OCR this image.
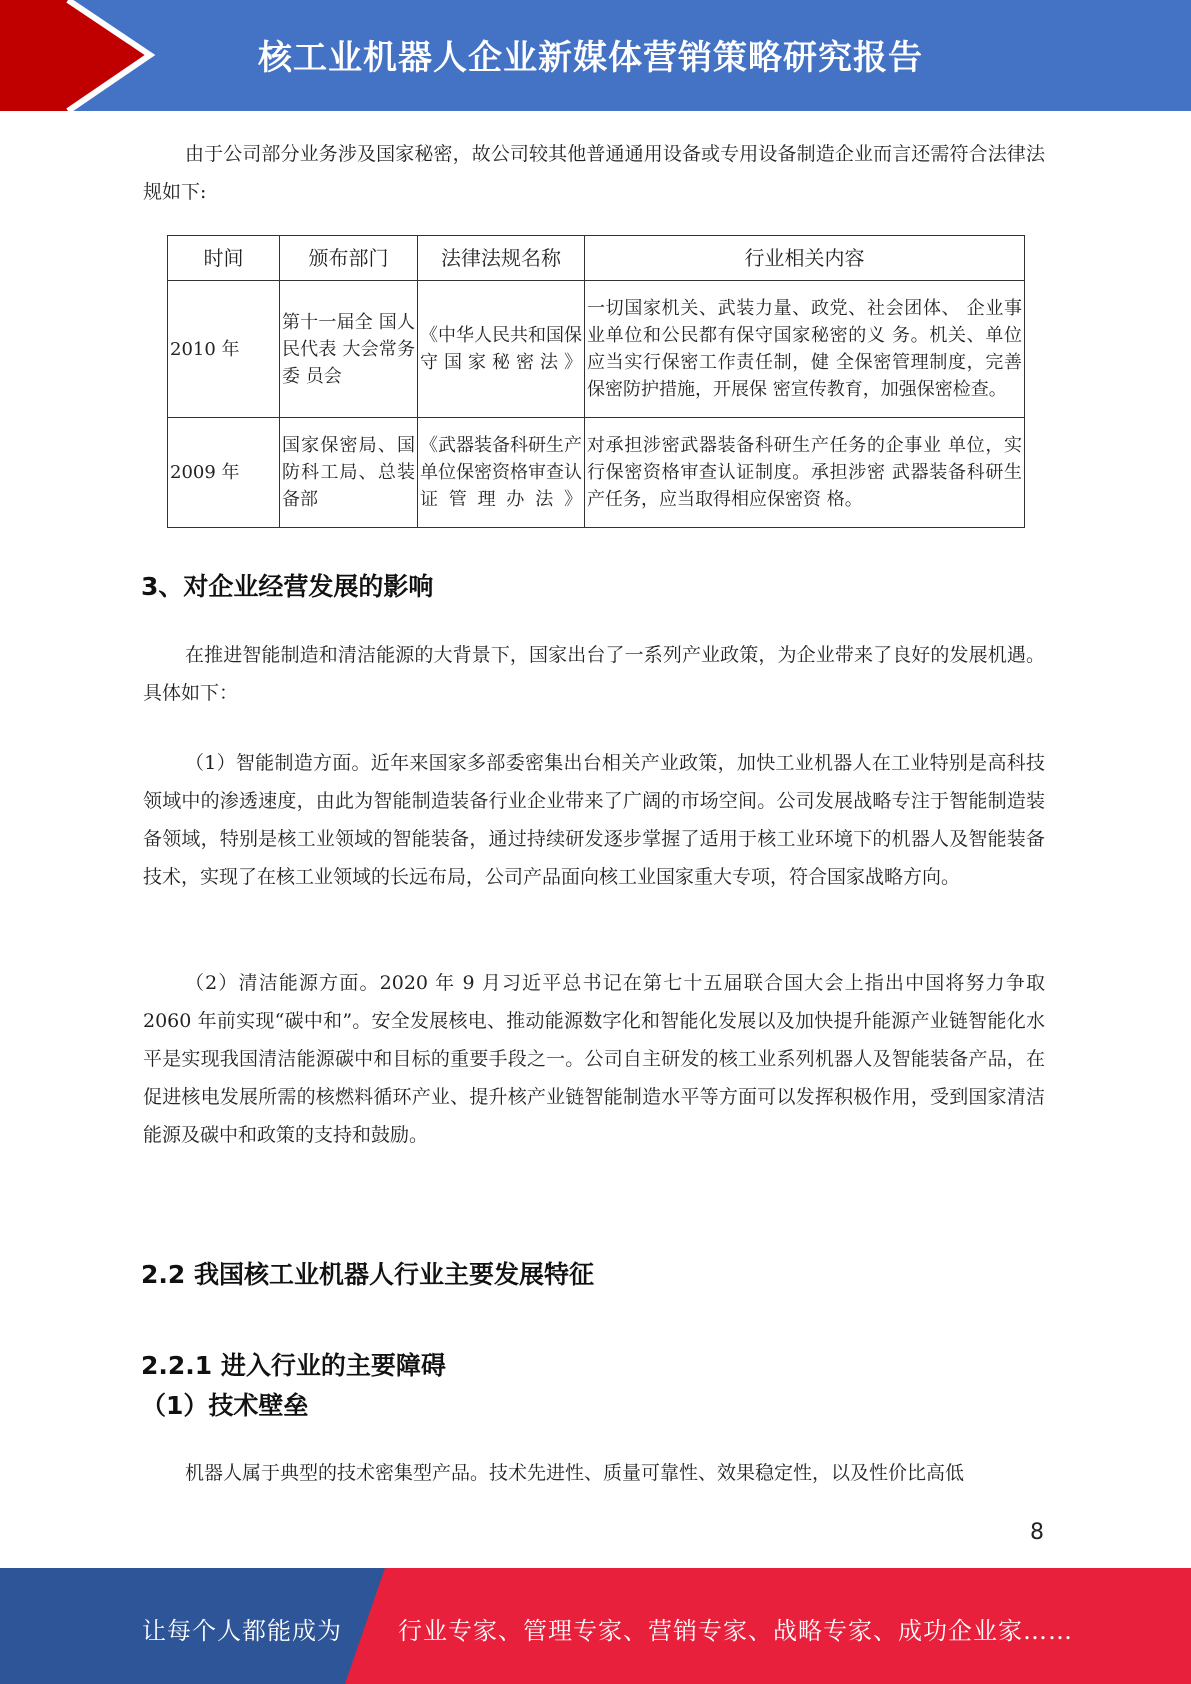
核工业机器人企业新媒体营销策略研究报告

由于公司部分业务涉及国家秘密，故公司较其他普通通用设备或专用设备制造企业而言还需符合法律法规如下:

时间	颁布部门	法律法规名称	行业相关内容
2010 年	第十一届全 国人民代表 大会常务委 员会	《中华人民共和国保守国家秘密法》	一切国家机关、武装力量、政党、社会团体、 企业事业单位和公民都有保守国家秘密的义 务。机关、单位应当实行保密工作责任制，健 全保密管理制度，完善保密防护措施，开展保 密宣传教育，加强保密检查。
2009 年	国家保密局、国防科工局、总装备部	《武器装备科研生产单位保密资格审查认证管理办法》	对承担涉密武器装备科研生产任务的企事业 单位，实行保密资格审查认证制度。承担涉密 武器装备科研生产任务，应当取得相应保密资 格。
3、对企业经营发展的影响

在推进智能制造和清洁能源的大背景下，国家出台了一系列产业政策，为企业带来了良好的发展机遇。具体如下：

（1）智能制造方面。近年来国家多部委密集出台相关产业政策，加快工业机器人在工业特别是高科技领域中的渗透速度，由此为智能制造装备行业企业带来了广阔的市场空间。公司发展战略专注于智能制造装备领域，特别是核工业领域的智能装备，通过持续研发逐步掌握了适用于核工业环境下的机器人及智能装备技术，实现了在核工业领域的长远布局，公司产品面向核工业国家重大专项，符合国家战略方向。

（2）清洁能源方面。2020 年 9 月习近平总书记在第七十五届联合国大会上指出中国将努力争取 2060 年前实现“碳中和”。安全发展核电、推动能源数字化和智能化发展以及加快提升能源产业链智能化水平是实现我国清洁能源碳中和目标的重要手段之一。公司自主研发的核工业系列机器人及智能装备产品，在促进核电发展所需的核燃料循环产业、提升核产业链智能制造水平等方面可以发挥积极作用，受到国家清洁能源及碳中和政策的支持和鼓励。

2.2 我国核工业机器人行业主要发展特征
2.2.1 进入行业的主要障碍
（1）技术壁垒

机器人属于典型的技术密集型产品。技术先进性、质量可靠性、效果稳定性，以及性价比高低

8
让每个人都能成为 行业专家、管理专家、营销专家、战略专家、成功企业家……
